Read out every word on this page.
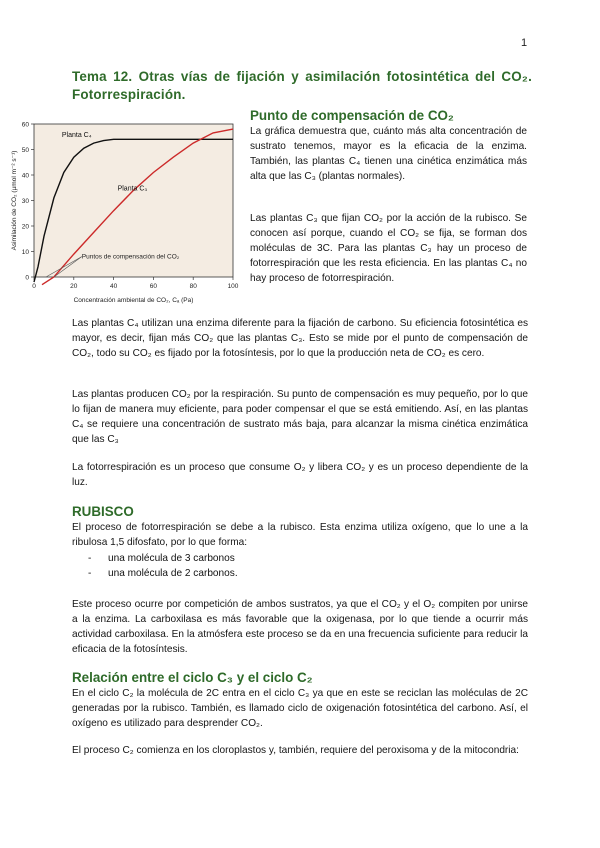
1
Tema 12. Otras vías de fijación y asimilación fotosintética del CO₂. Fotorrespiración.
0
10
20
30
40
50
60
0	20	40	60	80	100
Concentración ambiental de CO₂, Cₐ (Pa)
Asimilación de CO₂ (µmol m⁻² s⁻¹)
Planta C₄
Planta C₃
Puntos de compensación del CO₂
Punto de compensación de CO₂
La gráfica demuestra que, cuánto más alta concentración de sustrato tenemos, mayor es la eficacia de la enzima. También, las plantas C₄ tienen una cinética enzimática más alta que las C₃ (plantas normales).
Las plantas C₃ que fijan CO₂ por la acción de la rubisco. Se conocen así porque, cuando el CO₂ se fija, se forman dos moléculas de 3C. Para las plantas C₃ hay un proceso de fotorrespiración que les resta eficiencia. En las plantas C₄ no hay proceso de fotorrespiración.
Las plantas C₄ utilizan una enzima diferente para la fijación de carbono. Su eficiencia fotosintética es mayor, es decir, fijan más CO₂ que las plantas C₃. Esto se mide por el punto de compensación de CO₂, todo su CO₂ es fijado por la fotosíntesis, por lo que la producción neta de CO₂ es cero.
Las plantas producen CO₂ por la respiración. Su punto de compensación es muy pequeño, por lo que lo fijan de manera muy eficiente, para poder compensar el que se está emitiendo. Así, en las plantas C₄ se requiere una concentración de sustrato más baja, para alcanzar la misma cinética enzimática que las C₃
La fotorrespiración es un proceso que consume O₂ y libera CO₂ y es un proceso dependiente de la luz.
RUBISCO
El proceso de fotorrespiración se debe a la rubisco. Esta enzima utiliza oxígeno, que lo une a la ribulosa 1,5 difosfato, por lo que forma:
- una molécula de 3 carbonos
- una molécula de 2 carbonos.
Este proceso ocurre por competición de ambos sustratos, ya que el CO₂ y el O₂ compiten por unirse a la enzima. La carboxilasa es más favorable que la oxigenasa, por lo que tiende a ocurrir más actividad carboxilasa. En la atmósfera este proceso se da en una frecuencia suficiente para reducir la eficacia de la fotosíntesis.
Relación entre el ciclo C₃ y el ciclo C₂
En el ciclo C₂ la molécula de 2C entra en el ciclo C₃ ya que en este se reciclan las moléculas de 2C generadas por la rubisco. También, es llamado ciclo de oxigenación fotosintética del carbono. Así, el oxígeno es utilizado para desprender CO₂.
El proceso C₂ comienza en los cloroplastos y, también, requiere del peroxisoma y de la mitocondria:
